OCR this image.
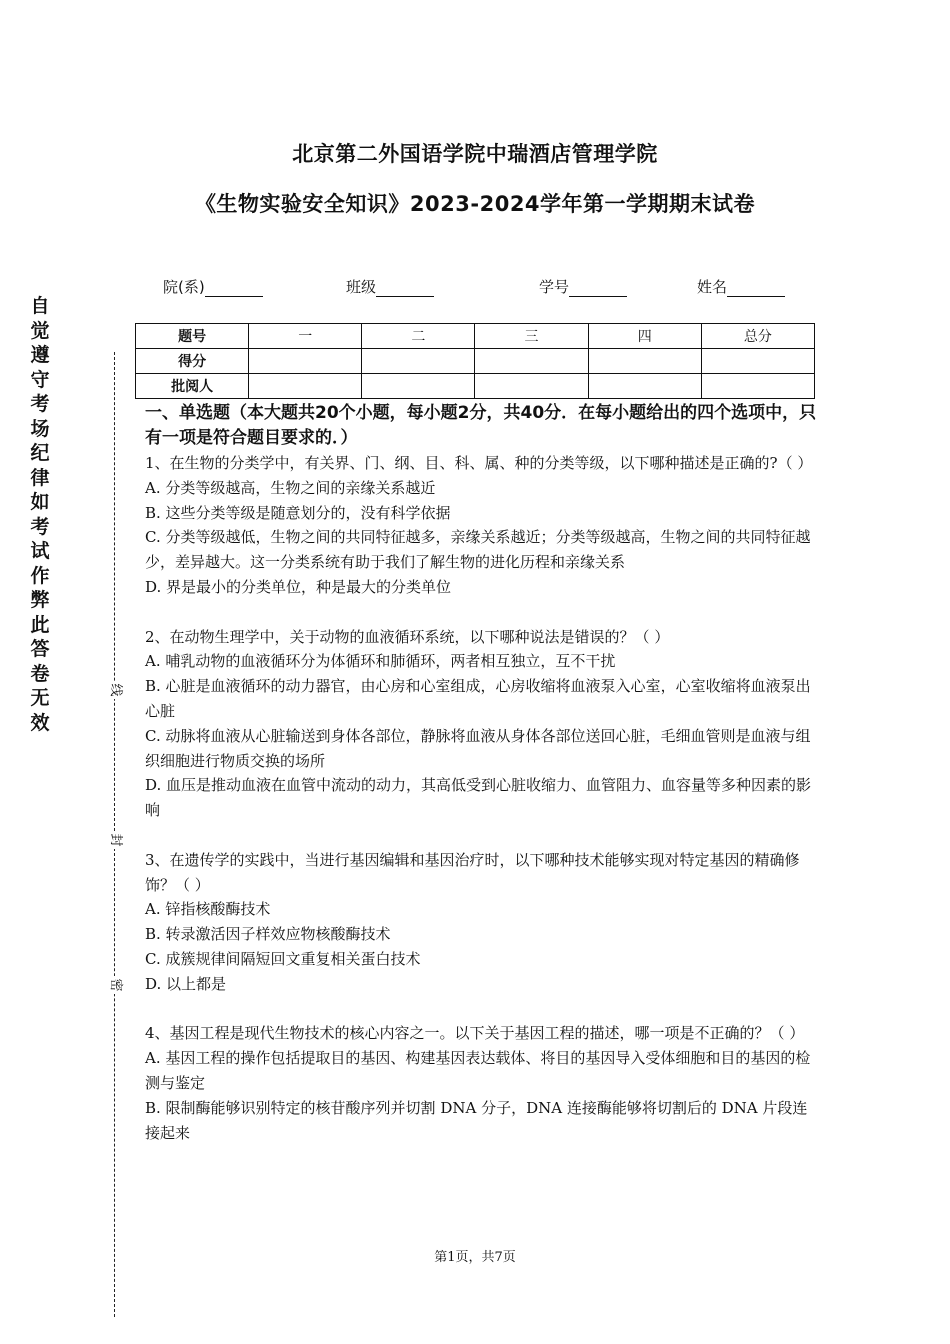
北京第二外国语学院中瑞酒店管理学院
《生物实验安全知识》2023-2024学年第一学期期末试卷
院(系)	班级	学号	姓名
题号	一	二	三	四	总分
得分					
批阅人					
自觉遵守考场纪律如考试作弊此答卷无效
线
封
密

一、单选题（本大题共20个小题，每小题2分，共40分．在每小题给出的四个选项中，只有一项是符合题目要求的．）

1、在生物的分类学中，有关界、门、纲、目、科、属、种的分类等级，以下哪种描述是正确的?（ ）

A. 分类等级越高，生物之间的亲缘关系越近

B. 这些分类等级是随意划分的，没有科学依据

C. 分类等级越低，生物之间的共同特征越多，亲缘关系越近；分类等级越高，生物之间的共同特征越少，差异越大。这一分类系统有助于我们了解生物的进化历程和亲缘关系

D. 界是最小的分类单位，种是最大的分类单位

2、在动物生理学中，关于动物的血液循环系统，以下哪种说法是错误的？（ ）

A. 哺乳动物的血液循环分为体循环和肺循环，两者相互独立，互不干扰

B. 心脏是血液循环的动力器官，由心房和心室组成，心房收缩将血液泵入心室，心室收缩将血液泵出心脏

C. 动脉将血液从心脏输送到身体各部位，静脉将血液从身体各部位送回心脏，毛细血管则是血液与组织细胞进行物质交换的场所

D. 血压是推动血液在血管中流动的动力，其高低受到心脏收缩力、血管阻力、血容量等多种因素的影响

3、在遗传学的实践中，当进行基因编辑和基因治疗时，以下哪种技术能够实现对特定基因的精确修饰？（ ）

A. 锌指核酸酶技术

B. 转录激活因子样效应物核酸酶技术

C. 成簇规律间隔短回文重复相关蛋白技术

D. 以上都是

4、基因工程是现代生物技术的核心内容之一。以下关于基因工程的描述，哪一项是不正确的？（ ）

A. 基因工程的操作包括提取目的基因、构建基因表达载体、将目的基因导入受体细胞和目的基因的检测与鉴定

B. 限制酶能够识别特定的核苷酸序列并切割 DNA 分子，DNA 连接酶能够将切割后的 DNA 片段连接起来

第1页，共7页
